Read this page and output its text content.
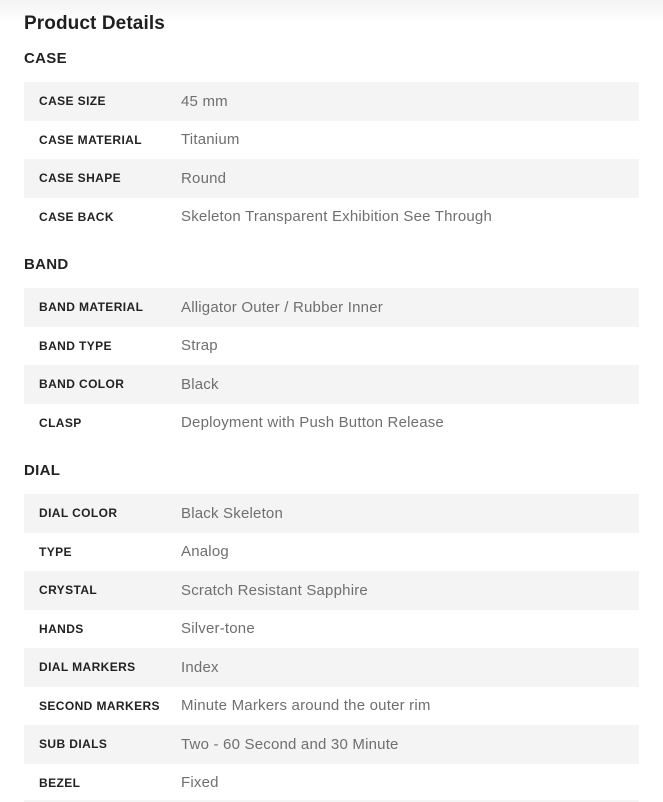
Product Details
CASE
CASE SIZE	45 mm
CASE MATERIAL	Titanium
CASE SHAPE	Round
CASE BACK	Skeleton Transparent Exhibition See Through
BAND
BAND MATERIAL	Alligator Outer / Rubber Inner
BAND TYPE	Strap
BAND COLOR	Black
CLASP	Deployment with Push Button Release
DIAL
DIAL COLOR	Black Skeleton
TYPE	Analog
CRYSTAL	Scratch Resistant Sapphire
HANDS	Silver-tone
DIAL MARKERS	Index
SECOND MARKERS	Minute Markers around the outer rim
SUB DIALS	Two - 60 Second and 30 Minute
BEZEL	Fixed
